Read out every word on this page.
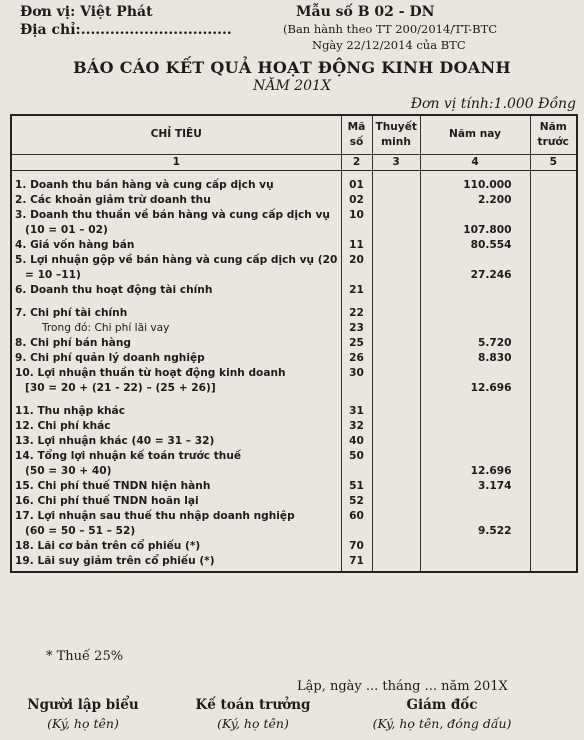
Đơn vị: Việt Phát
Địa chỉ:...............................
Mẫu số B 02 - DN
(Ban hành theo TT 200/2014/TT-BTC
Ngày 22/12/2014 của BTC
BÁO CÁO KẾT QUẢ HOẠT ĐỘNG KINH DOANH
NĂM 201X
Đơn vị tính:1.000 Đồng
CHỈ TIÊU	Mã số	Thuyết minh	Năm nay	Năm trước
1	2	3	4	5

1. Doanh thu bán hàng và cung cấp dịch vụ	01		110.000	
2. Các khoản giảm trừ doanh thu	02		2.200	
3. Doanh thu thuần về bán hàng và cung cấp dịch vụ
(10 = 01 – 02)	10		107.800	
4. Giá vốn hàng bán	11		80.554	
5. Lợi nhuận gộp về bán hàng và cung cấp dịch vụ (20
= 10 –11)	20		27.246	
6. Doanh thu hoạt động tài chính	21			

7. Chi phí tài chính	22			
Trong đó: Chi phí lãi vay	23			
8. Chi phí bán hàng	25		5.720	
9. Chi phí quản lý doanh nghiệp	26		8.830	
10. Lợi nhuận thuần từ hoạt động kinh doanh
[30 = 20 + (21 - 22) – (25 + 26)]	30		12.696	

11. Thu nhập khác	31			
12. Chi phí khác	32			
13. Lợi nhuận khác (40 = 31 – 32)	40			
14. Tổng lợi nhuận kế toán trước thuế
(50 = 30 + 40)	50		12.696	
15. Chi phí thuế TNDN hiện hành	51		3.174	
16. Chi phí thuế TNDN hoãn lại	52			
17. Lợi nhuận sau thuế thu nhập doanh nghiệp
(60 = 50 – 51 – 52)	60		9.522	
18. Lãi cơ bản trên cổ phiếu (*)	70			
19. Lãi suy giảm trên cổ phiếu (*)	71			
* Thuế 25%
Lập, ngày ... tháng ... năm 201X
Người lập biểu
(Ký, họ tên)
Kế toán trưởng
(Ký, họ tên)
Giám đốc
(Ký, họ tên, đóng dấu)
